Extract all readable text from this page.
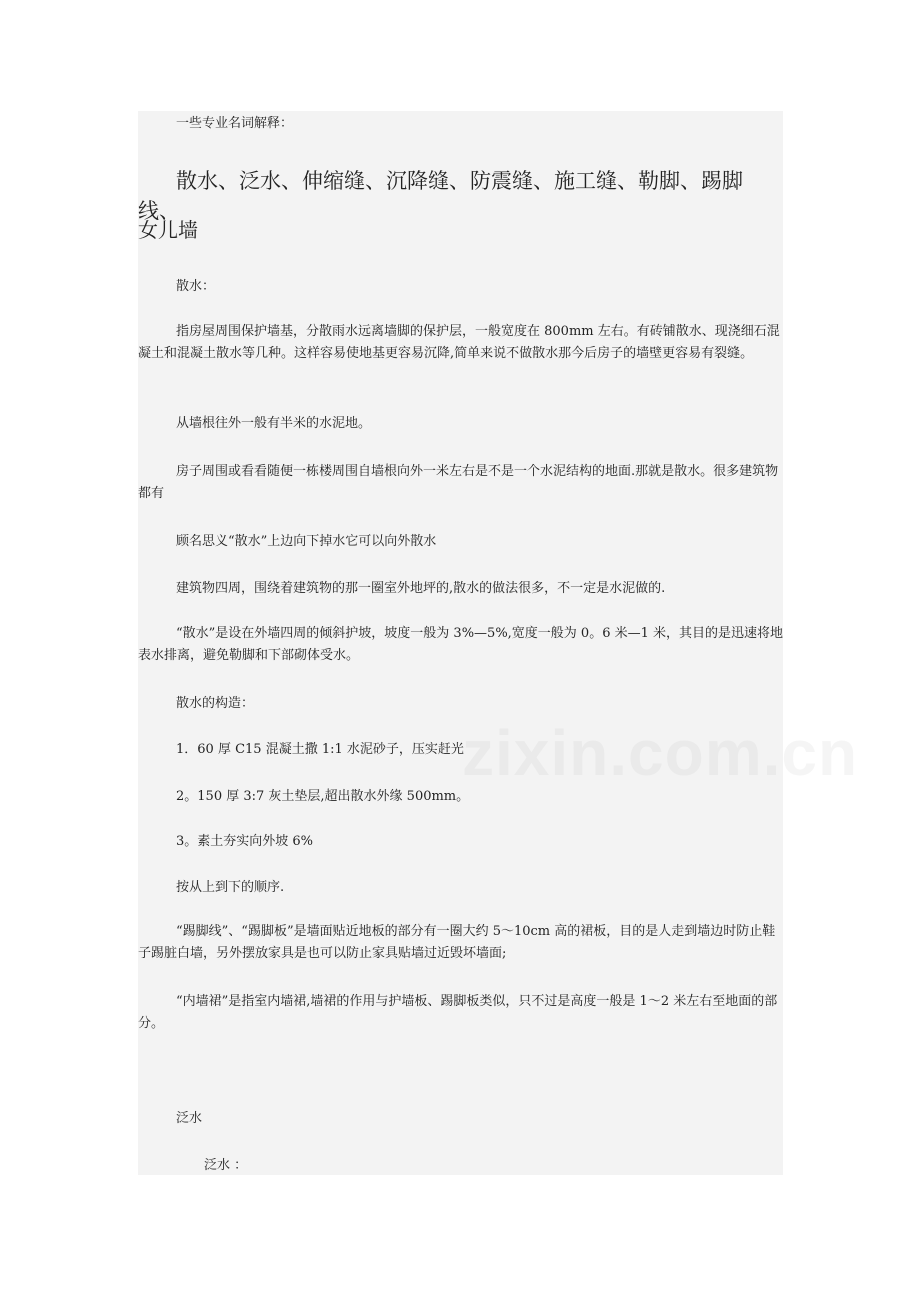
zixin.com.cn

一些专业名词解释：

散水、泛水、伸缩缝、沉降缝、防震缝、施工缝、勒脚、踢脚线、

女儿墙

散水：

指房屋周围保护墙基，分散雨水远离墙脚的保护层，一般宽度在 800mm 左右。有砖铺散水、现浇细石混凝土和混凝土散水等几种。这样容易使地基更容易沉降,简单来说不做散水那今后房子的墙壁更容易有裂缝。

从墙根往外一般有半米的水泥地。

房子周围或看看随便一栋楼周围自墙根向外一米左右是不是一个水泥结构的地面.那就是散水。很多建筑物都有

顾名思义“散水”上边向下掉水它可以向外散水

建筑物四周，围绕着建筑物的那一圈室外地坪的,散水的做法很多，不一定是水泥做的.

“散水”是设在外墙四周的倾斜护坡，坡度一般为 3%—5%,宽度一般为 0。6 米—1 米，其目的是迅速将地表水排离，避免勒脚和下部砌体受水。

散水的构造：

1．60 厚 C15 混凝土撒 1:1 水泥砂子，压实赶光

2。150 厚 3:7 灰土垫层,超出散水外缘 500mm。

3。素土夯实向外坡 6%

按从上到下的顺序.

“踢脚线”、“踢脚板”是墙面贴近地板的部分有一圈大约 5～10cm 高的裙板，目的是人走到墙边时防止鞋子踢脏白墙，另外摆放家具是也可以防止家具贴墙过近毁坏墙面;

“内墙裙”是指室内墙裙,墙裙的作用与护墙板、踢脚板类似，只不过是高度一般是 1～2 米左右至地面的部分。

泛水

泛水 ：
